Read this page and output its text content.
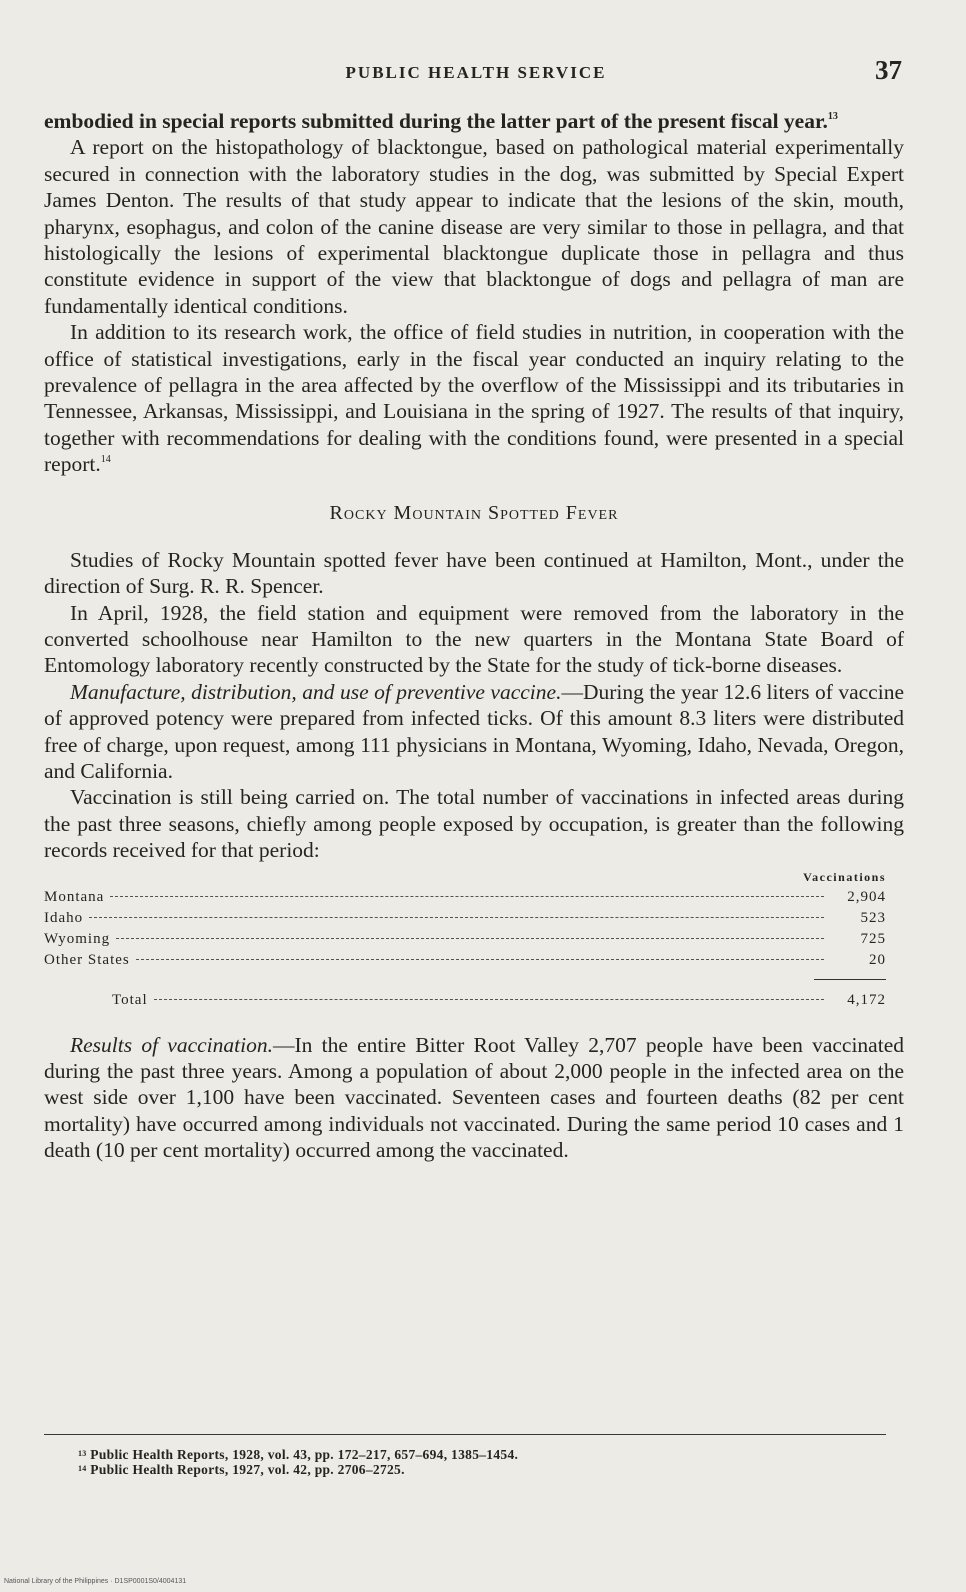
PUBLIC HEALTH SERVICE	37

embodied in special reports submitted during the latter part of the present fiscal year.$^{13}$

A report on the histopathology of blacktongue, based on pathological material experimentally secured in connection with the laboratory studies in the dog, was submitted by Special Expert James Denton. The results of that study appear to indicate that the lesions of the skin, mouth, pharynx, esophagus, and colon of the canine disease are very similar to those in pellagra, and that histologically the lesions of experimental blacktongue duplicate those in pellagra and thus constitute evidence in support of the view that blacktongue of dogs and pellagra of man are fundamentally identical conditions.

In addition to its research work, the office of field studies in nutrition, in cooperation with the office of statistical investigations, early in the fiscal year conducted an inquiry relating to the prevalence of pellagra in the area affected by the overflow of the Mississippi and its tributaries in Tennessee, Arkansas, Mississippi, and Louisiana in the spring of 1927. The results of that inquiry, together with recommendations for dealing with the conditions found, were presented in a special report.$^{14}$

Rocky Mountain Spotted Fever

Studies of Rocky Mountain spotted fever have been continued at Hamilton, Mont., under the direction of Surg. R. R. Spencer.

In April, 1928, the field station and equipment were removed from the laboratory in the converted schoolhouse near Hamilton to the new quarters in the Montana State Board of Entomology laboratory recently constructed by the State for the study of tick-borne diseases.

Manufacture, distribution, and use of preventive vaccine.—During the year 12.6 liters of vaccine of approved potency were prepared from infected ticks. Of this amount 8.3 liters were distributed free of charge, upon request, among 111 physicians in Montana, Wyoming, Idaho, Nevada, Oregon, and California.

Vaccination is still being carried on. The total number of vaccinations in infected areas during the past three seasons, chiefly among people exposed by occupation, is greater than the following records received for that period:

Vaccinations
Montana	2,904
Idaho	523
Wyoming	725
Other States	20
Total	4,172

Results of vaccination.—In the entire Bitter Root Valley 2,707 people have been vaccinated during the past three years. Among a population of about 2,000 people in the infected area on the west side over 1,100 have been vaccinated. Seventeen cases and fourteen deaths (82 per cent mortality) have occurred among individuals not vaccinated. During the same period 10 cases and 1 death (10 per cent mortality) occurred among the vaccinated.

$^{13}$ Public Health Reports, 1928, vol. 43, pp. 172–217, 657–694, 1385–1454.
$^{14}$ Public Health Reports, 1927, vol. 42, pp. 2706–2725.
National Library of the Philippines · D1SP0001S0/4004131
